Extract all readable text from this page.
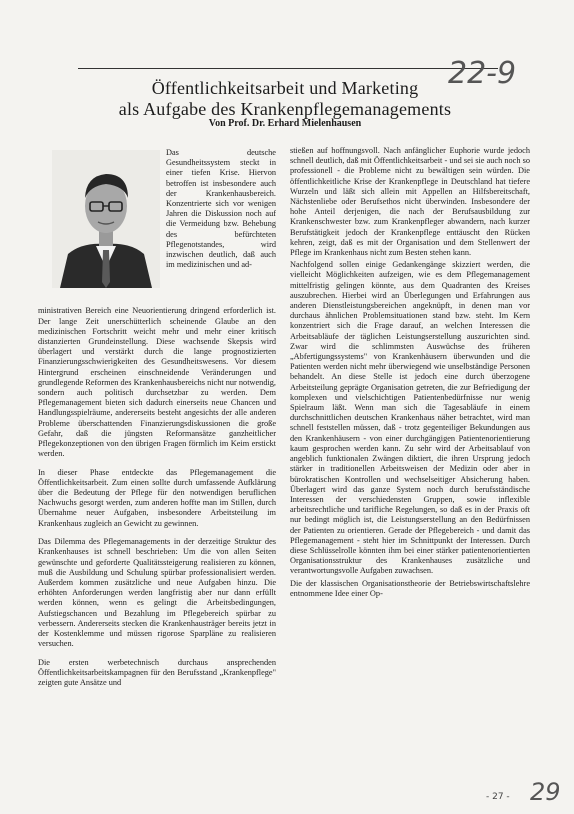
Öffentlichkeitsarbeit und Marketing
als Aufgabe des Krankenpflegemanagements
Von Prof. Dr. Erhard Mielenhausen
22-9
Das deutsche Gesundheitssystem steckt in einer tiefen Krise. Hiervon betroffen ist insbesondere auch der Krankenhausbereich. Konzentrierte sich vor wenigen Jahren die Diskussion noch auf die Vermeidung bzw. Behebung des befürchteten Pflegenotstandes, wird inzwischen deutlich, daß auch im medizinischen und ad-

ministrativen Bereich eine Neuorientierung dringend erforderlich ist. Der lange Zeit unerschütterlich scheinende Glaube an den medizinischen Fortschritt weicht mehr und mehr einer kritisch distanzierten Grundeinstellung. Diese wachsende Skepsis wird überlagert und verstärkt durch die lange prognostizierten Finanzierungsschwierigkeiten des Gesundheitswesens. Vor diesem Hintergrund erscheinen einschneidende Veränderungen und grundlegende Reformen des Krankenhausbereichs nicht nur notwendig, sondern auch politisch durchsetzbar zu werden. Dem Pflegemanagement bieten sich dadurch einerseits neue Chancen und Handlungsspielräume, andererseits besteht angesichts der alle anderen Probleme überschattenden Finanzierungsdiskussionen die große Gefahr, daß die jüngsten Reformansätze ganzheitlicher Pflegekonzeptionen von den übrigen Fragen förmlich im Keim erstickt werden.

In dieser Phase entdeckte das Pflegemanagement die Öffentlichkeitsarbeit. Zum einen sollte durch umfassende Aufklärung über die Bedeutung der Pflege für den notwendigen beruflichen Nachwuchs gesorgt werden, zum anderen hoffte man im Stillen, durch Übernahme neuer Aufgaben, insbesondere Arbeitsteilung im Krankenhaus zugleich an Gewicht zu gewinnen.

Das Dilemma des Pflegemanagements in der derzeitige Struktur des Krankenhauses ist schnell beschrieben: Um die von allen Seiten gewünschte und geforderte Qualitätssteigerung realisieren zu können, muß die Ausbildung und Schulung spürbar professionalisiert werden. Außerdem kommen zusätzliche und neue Aufgaben hinzu. Die erhöhten Anforderungen werden langfristig aber nur dann erfüllt werden können, wenn es gelingt die Arbeitsbedingungen, Aufstiegschancen und Bezahlung im Pflegebereich spürbar zu verbessern. Andererseits stecken die Krankenhausträger bereits jetzt in der Kostenklemme und müssen rigorose Sparpläne zu realisieren versuchen.

Die ersten werbetechnisch durchaus ansprechenden Öffentlichkeitsarbeitskampagnen für den Berufsstand „Krankenpflege" zeigten gute Ansätze und

stießen auf hoffnungsvoll. Nach anfänglicher Euphorie wurde jedoch schnell deutlich, daß mit Öffentlichkeitsarbeit - und sei sie auch noch so professionell - die Probleme nicht zu bewältigen sein würden. Die öffentlichkeitliche Krise der Krankenpflege in Deutschland hat tiefere Wurzeln und läßt sich allein mit Appellen an Hilfsbereitschaft, Nächstenliebe oder Berufsethos nicht überwinden. Insbesondere der hohe Anteil derjenigen, die nach der Berufsausbildung zur Krankenschwester bzw. zum Krankenpfleger abwandern, nach kurzer Berufstätigkeit jedoch der Krankenpflege enttäuscht den Rücken kehren, zeigt, daß es mit der Organisation und dem Stellenwert der Pflege im Krankenhaus nicht zum Besten stehen kann.

Nachfolgend sollen einige Gedankengänge skizziert werden, die vielleicht Möglichkeiten aufzeigen, wie es dem Pflegemanagement mittelfristig gelingen könnte, aus dem Quadranten des Kreises auszubrechen. Hierbei wird an Überlegungen und Erfahrungen aus anderen Dienstleistungsbereichen angeknüpft, in denen man vor durchaus ähnlichen Problemsituationen stand bzw. steht. Im Kern konzentriert sich die Frage darauf, an welchen Interessen die Arbeitsabläufe der täglichen Leistungserstellung auszurichten sind. Zwar wird die schlimmsten Auswüchse des früheren „Abfertigungssystems" von Krankenhäusern überwunden und die Patienten werden nicht mehr überwiegend wie unselbständige Personen behandelt. An diese Stelle ist jedoch eine durch überzogene Arbeitsteilung geprägte Organisation getreten, die zur Befriedigung der komplexen und vielschichtigen Patientenbedürfnisse nur wenig Spielraum läßt. Wenn man sich die Tagesabläufe in einem durchschnittlichen deutschen Krankenhaus näher betrachtet, wird man schnell feststellen müssen, daß - trotz gegenteiliger Bekundungen aus den Krankenhäusern - von einer durchgängigen Patientenorientierung kaum gesprochen werden kann. Zu sehr wird der Arbeitsablauf von angeblich funktionalen Zwängen diktiert, die ihren Ursprung jedoch stärker in traditionellen Arbeitsweisen der Medizin oder aber in bürokratischen Kontrollen und wechselseitiger Absicherung haben. Überlagert wird das ganze System noch durch berufsständische Interessen der verschiedensten Gruppen, sowie inflexible arbeitsrechtliche und tarifliche Regelungen, so daß es in der Praxis oft nur bedingt möglich ist, die Leistungserstellung an den Bedürfnissen der Patienten zu orientieren. Gerade der Pflegebereich - und damit das Pflegemanagement - steht hier im Schnittpunkt der Interessen. Durch diese Schlüsselrolle könnten ihm bei einer stärker patientenorientierten Organisationsstruktur des Krankenhauses zusätzliche und verantwortungsvolle Aufgaben zuwachsen.

Die der klassischen Organisationstheorie der Betriebswirtschaftslehre entnommene Idee einer Op-

- 27 - 29
